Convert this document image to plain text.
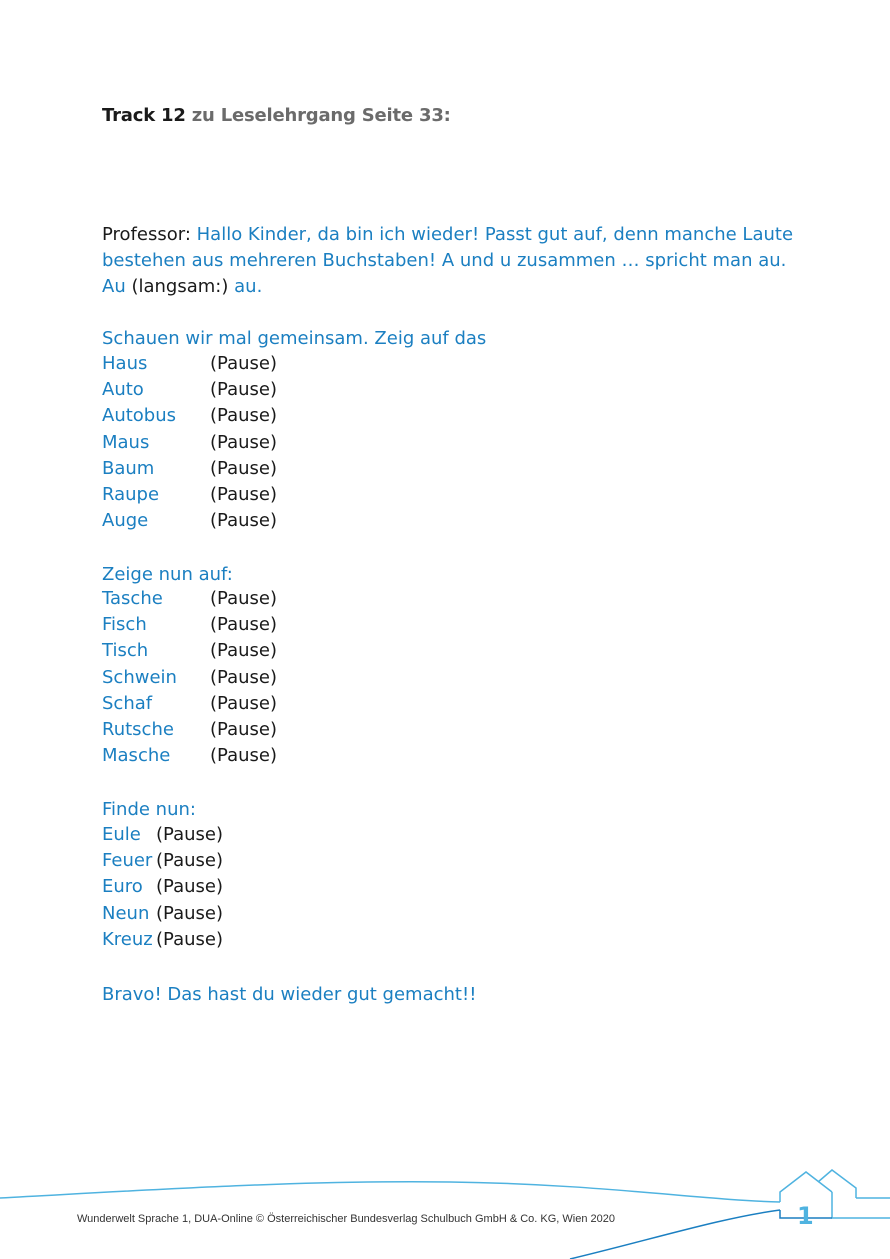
Track 12 zu Leselehrgang Seite 33:
Professor: Hallo Kinder, da bin ich wieder! Passt gut auf, denn manche Laute
bestehen aus mehreren Buchstaben! A und u zusammen … spricht man au.
Au (langsam:) au.
Schauen wir mal gemeinsam. Zeig auf das
Haus	(Pause)
Auto	(Pause)
Autobus (Pause)
Maus	(Pause)
Baum	(Pause)
Raupe	(Pause)
Auge	(Pause)
Zeige nun auf:
Tasche	(Pause)
Fisch	(Pause)
Tisch	(Pause)
Schwein (Pause)
Schaf	(Pause)
Rutsche (Pause)
Masche (Pause)
Finde nun:
Eule (Pause)
Feuer (Pause)
Euro (Pause)
Neun (Pause)
Kreuz (Pause)
Bravo! Das hast du wieder gut gemacht!!
Wunderwelt Sprache 1, DUA-Online © Österreichischer Bundesverlag Schulbuch GmbH & Co. KG, Wien 2020	1
